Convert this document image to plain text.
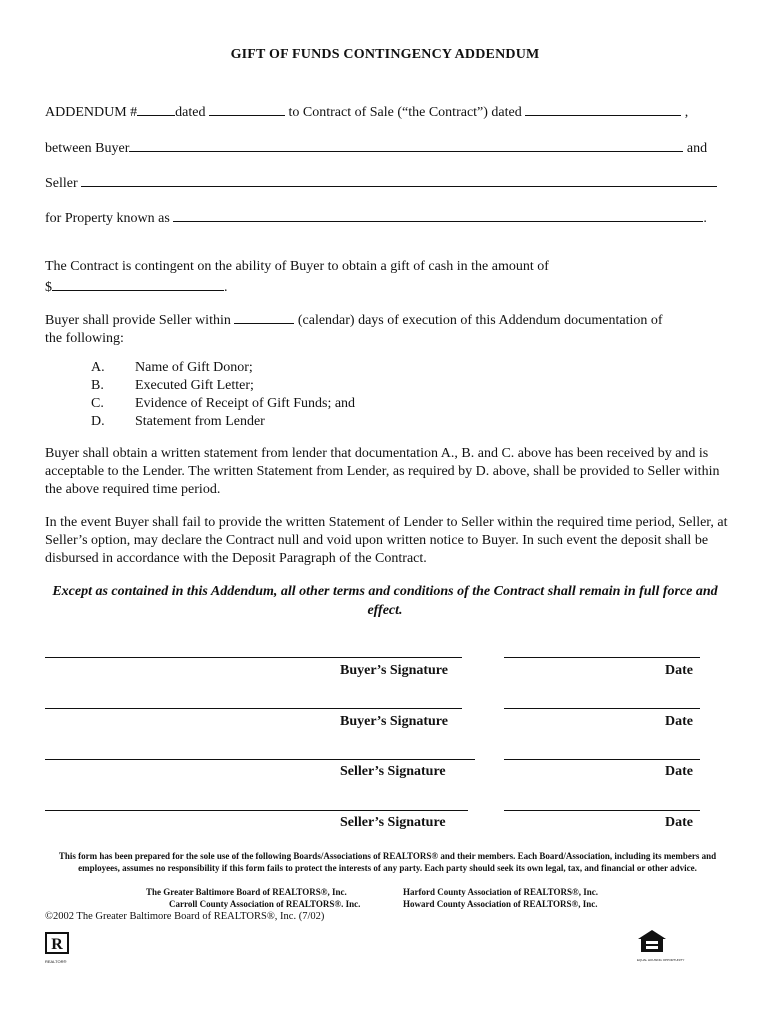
GIFT OF FUNDS CONTINGENCY ADDENDUM
ADDENDUM #	dated	to Contract of Sale (“the Contract”) dated	,
between Buyer	and
Seller
for Property known as	.
The Contract is contingent on the ability of Buyer to obtain a gift of cash in the amount of
$	.
Buyer shall provide Seller within	(calendar) days of execution of this Addendum documentation of
the following:
A.	Name of Gift Donor;
B.	Executed Gift Letter;
C.	Evidence of Receipt of Gift Funds; and
D.	Statement from Lender
Buyer shall obtain a written statement from lender that documentation A., B. and C. above has been received by and is acceptable to the Lender. The written Statement from Lender, as required by D. above, shall be provided to Seller within the above required time period.
In the event Buyer shall fail to provide the written Statement of Lender to Seller within the required time period, Seller, at Seller’s option, may declare the Contract null and void upon written notice to Buyer. In such event the deposit shall be disbursed in accordance with the Deposit Paragraph of the Contract.
Except as contained in this Addendum, all other terms and conditions of the Contract shall remain in full force and effect.
Buyer’s Signature	Date
Buyer’s Signature	Date
Seller’s Signature	Date
Seller’s Signature	Date
This form has been prepared for the sole use of the following Boards/Associations of REALTORS® and their members. Each Board/Association, including its members and employees, assumes no responsibility if this form fails to protect the interests of any party. Each party should seek its own legal, tax, and financial or other advice.
The Greater Baltimore Board of REALTORS®, Inc.	Harford County Association of REALTORS®, Inc.
Carroll County Association of REALTORS®. Inc.	Howard County Association of REALTORS®, Inc.
©2002 The Greater Baltimore Board of REALTORS®, Inc. (7/02)
R
REALTOR®	EQUAL HOUSING OPPORTUNITY
